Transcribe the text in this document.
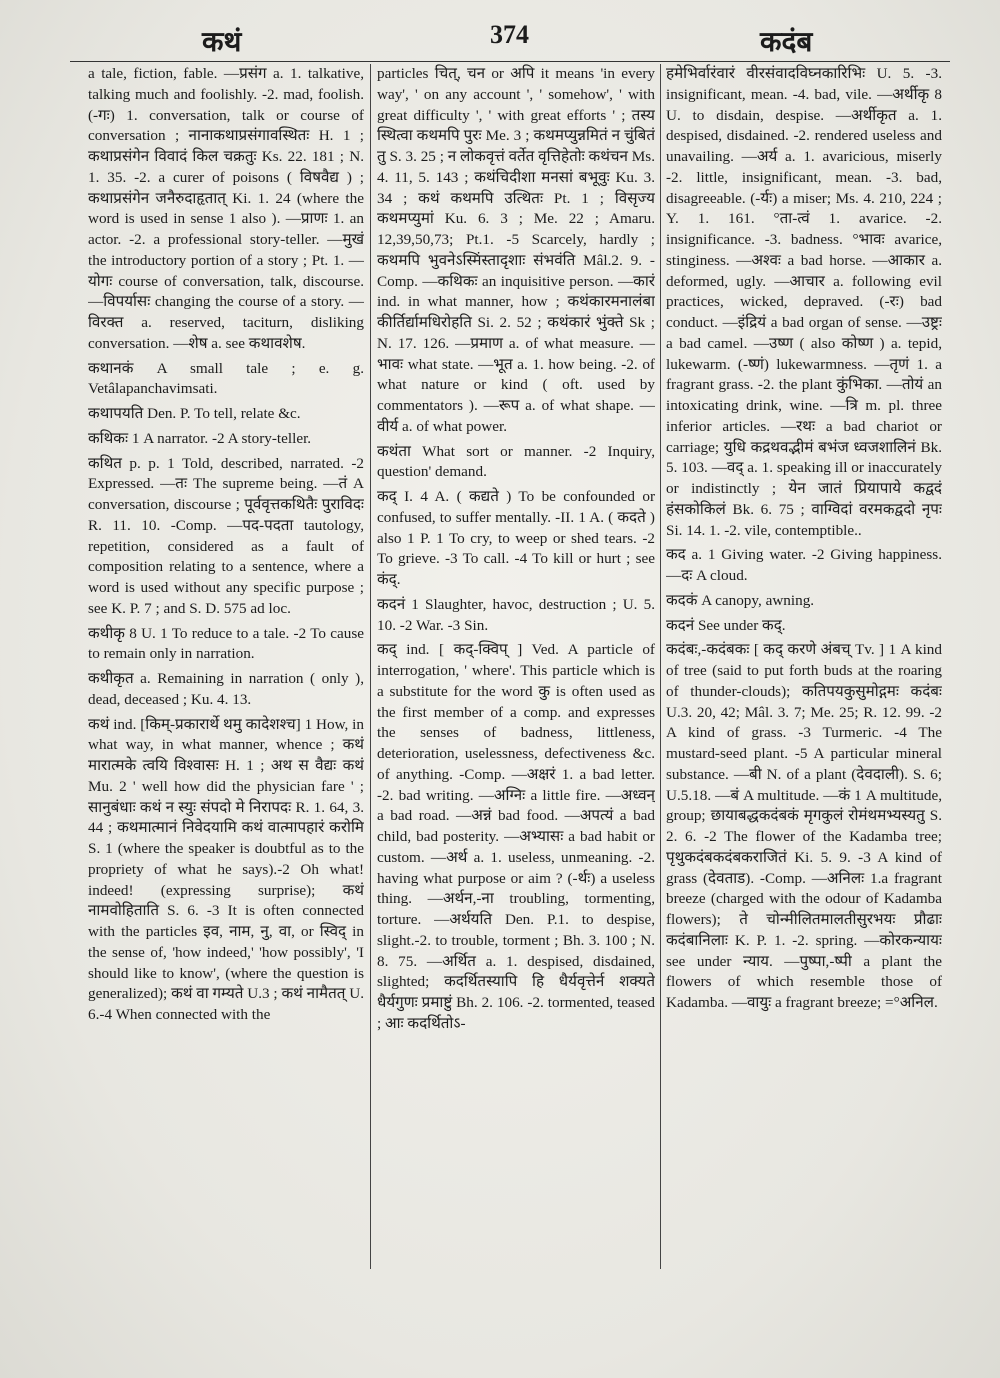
कथं	374	कदंब

a tale, fiction, fable. —प्रसंग a. 1. talkative, talking much and foolishly. -2. mad, foolish. (-गः) 1. conversation, talk or course of conversation ; नानाकथाप्रसंगावस्थितः H. 1 ; कथाप्रसंगेन विवादं किल चक्रतुः Ks. 22. 181 ; N. 1. 35. -2. a curer of poisons ( विषवैद्य ) ; कथाप्रसंगेन जनैरुदाहृतात् Ki. 1. 24 (where the word is used in sense 1 also ). —प्राणः 1. an actor. -2. a professional story-teller. —मुखं the introductory portion of a story ; Pt. 1. —योगः course of conversation, talk, discourse. —विपर्यासः changing the course of a story. —विरक्त a. reserved, taciturn, disliking conversation. —शेष a. see कथावशेष.

कथानकं A small tale ; e. g. Vetâlapanchavimsati.

कथापयति Den. P. To tell, relate &c.

कथिकः 1 A narrator. -2 A story-teller.

कथित p. p. 1 Told, described, narrated. -2 Expressed. —तः The supreme being. —तं A conversation, discourse ; पूर्ववृत्तकथितैः पुराविदः R. 11. 10. -Comp. —पद-पदता tautology, repetition, considered as a fault of composition relating to a sentence, where a word is used without any specific purpose ; see K. P. 7 ; and S. D. 575 ad loc.

कथीकृ 8 U. 1 To reduce to a tale. -2 To cause to remain only in narration.

कथीकृत a. Remaining in narration ( only ), dead, deceased ; Ku. 4. 13.

कथं ind. [किम्-प्रकारार्थे थमु कादेशश्च] 1 How, in what way, in what manner, whence ; कथं मारात्मके त्वयि विश्वासः H. 1 ; अथ स वैद्यः कथं Mu. 2 ' well how did the physician fare ' ; सानुबंधाः कथं न स्युः संपदो मे निरापदः R. 1. 64, 3. 44 ; कथमात्मानं निवेदयामि कथं वात्मापहारं करोमि S. 1 (where the speaker is doubtful as to the propriety of what he says).-2 Oh what! indeed! (expressing surprise); कथं नामवोहिताति S. 6. -3 It is often connected with the particles इव, नाम, नु, वा, or स्विद् in the sense of, 'how indeed,' 'how possibly', 'I should like to know', (where the question is generalized); कथं वा गम्यते U.3 ; कथं नामैतत् U. 6.-4 When connected with the

particles चित्, चन or अपि it means 'in every way', ' on any account ', ' somehow', ' with great difficulty ', ' with great efforts ' ; तस्य स्थित्वा कथमपि पुरः Me. 3 ; कथमप्युन्नमितं न चुंबितं तु S. 3. 25 ; न लोकवृत्तं वर्तेत वृत्तिहेतोः कथंचन Ms. 4. 11, 5. 143 ; कथंचिदीशा मनसां बभूवुः Ku. 3. 34 ; कथं कथमपि उत्थितः Pt. 1 ; विसृज्य कथमप्युमां Ku. 6. 3 ; Me. 22 ; Amaru. 12,39,50,73; Pt.1. -5 Scarcely, hardly ; कथमपि भुवनेऽस्मिंस्तादृशाः संभवंति Mâl.2. 9. -Comp. —कथिकः an inquisitive person. —कारं ind. in what manner, how ; कथंकारमनालंबा कीर्तिर्द्यामधिरोहति Si. 2. 52 ; कथंकारं भुंक्ते Sk ; N. 17. 126. —प्रमाण a. of what measure. —भावः what state. —भूत a. 1. how being. -2. of what nature or kind ( oft. used by commentators ). —रूप a. of what shape. —वीर्य a. of what power.

कथंता What sort or manner. -2 Inquiry, question' demand.

कद् I. 4 A. ( कद्यते ) To be confounded or confused, to suffer mentally. -II. 1 A. ( कदते ) also 1 P. 1 To cry, to weep or shed tears. -2 To grieve. -3 To call. -4 To kill or hurt ; see कंद्.

कदनं 1 Slaughter, havoc, destruction ; U. 5. 10. -2 War. -3 Sin.

कद् ind. [ कद्-क्विप् ] Ved. A particle of interrogation, ' where'. This particle which is a substitute for the word कु is often used as the first member of a comp. and expresses the senses of badness, littleness, deterioration, uselessness, defectiveness &c. of anything. -Comp. —अक्षरं 1. a bad letter. -2. bad writing. —अग्निः a little fire. —अध्वन् a bad road. —अन्नं bad food. —अपत्यं a bad child, bad posterity. —अभ्यासः a bad habit or custom. —अर्थ a. 1. useless, unmeaning. -2. having what purpose or aim ? (-र्थः) a useless thing. —अर्थन,-ना troubling, tormenting, torture. —अर्थयति Den. P.1. to despise, slight.-2. to trouble, torment ; Bh. 3. 100 ; N. 8. 75. —अर्थित a. 1. despised, disdained, slighted; कदर्थितस्यापि हि धैर्यवृत्तेर्न शक्यते धैर्यगुणः प्रमाष्टुं Bh. 2. 106. -2. tormented, teased ; आः कदर्थितोऽ-

हमेभिर्वारंवारं वीरसंवादविघ्नकारिभिः U. 5. -3. insignificant, mean. -4. bad, vile. —अर्थीकृ 8 U. to disdain, despise. —अर्थीकृत a. 1. despised, disdained. -2. rendered useless and unavailing. —अर्य a. 1. avaricious, miserly -2. little, insignificant, mean. -3. bad, disagreeable. (-र्यः) a miser; Ms. 4. 210, 224 ; Y. 1. 161. °ता-त्वं 1. avarice. -2. insignificance. -3. badness. °भावः avarice, stinginess. —अश्वः a bad horse. —आकार a. deformed, ugly. —आचार a. following evil practices, wicked, depraved. (-रः) bad conduct. —इंद्रियं a bad organ of sense. —उष्ट्रः a bad camel. —उष्ण ( also कोष्ण ) a. tepid, lukewarm. (-ष्णं) lukewarmness. —तृणं 1. a fragrant grass. -2. the plant कुंभिका. —तोयं an intoxicating drink, wine. —त्रि m. pl. three inferior articles. —रथः a bad chariot or carriage; युधि कद्रथवद्भीमं बभंज ध्वजशालिनं Bk. 5. 103. —वद् a. 1. speaking ill or inaccurately or indistinctly ; येन जातं प्रियापाये कद्वदं हंसकोकिलं Bk. 6. 75 ; वाग्विदां वरमकद्वदो नृपः Si. 14. 1. -2. vile, contemptible..

कद a. 1 Giving water. -2 Giving happiness. —दः A cloud.

कदकं A canopy, awning.

कदनं See under कद्.

कदंबः,-कदंबकः [ कद् करणे अंबच् Tv. ] 1 A kind of tree (said to put forth buds at the roaring of thunder-clouds); कतिपयकुसुमोद्गमः कदंबः U.3. 20, 42; Mâl. 3. 7; Me. 25; R. 12. 99. -2 A kind of grass. -3 Turmeric. -4 The mustard-seed plant. -5 A particular mineral substance. —बी N. of a plant (देवदाली). S. 6; U.5.18. —बं A multitude. —कं 1 A multitude, group; छायाबद्धकदंबकं मृगकुलं रोमंथमभ्यस्यतु S. 2. 6. -2 The flower of the Kadamba tree; पृथुकदंबकदंबकराजितं Ki. 5. 9. -3 A kind of grass (देवताड). -Comp. —अनिलः 1.a fragrant breeze (charged with the odour of Kadamba flowers); ते चोन्मीलितमालतीसुरभयः प्रौढाः कदंबानिलाः K. P. 1. -2. spring. —कोरकन्यायः see under न्याय. —पुष्पा,-ष्पी a plant the flowers of which resemble those of Kadamba. —वायुः a fragrant breeze; =°अनिल.
